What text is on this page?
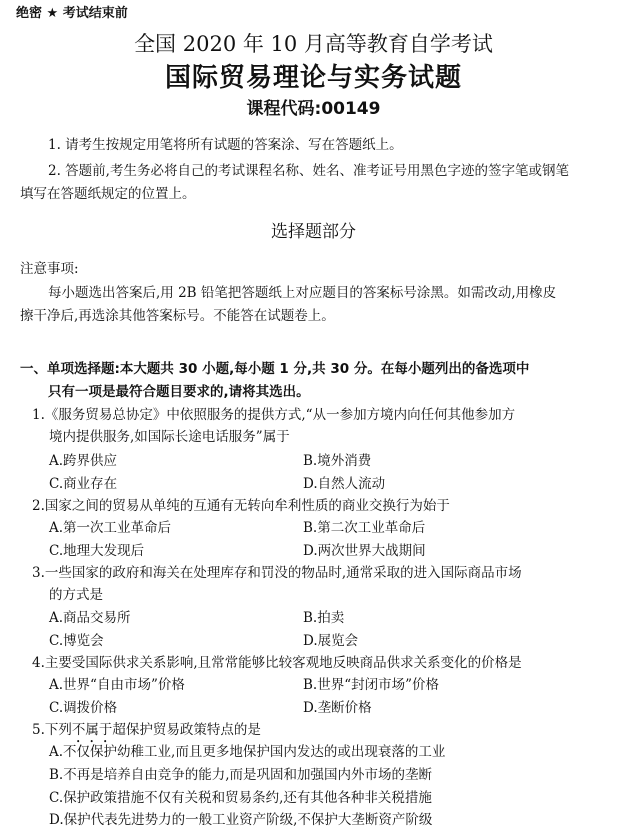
绝密 ★ 考试结束前
全国 2020 年 10 月高等教育自学考试
国际贸易理论与实务试题
课程代码:00149
1. 请考生按规定用笔将所有试题的答案涂、写在答题纸上。
2. 答题前,考生务必将自己的考试课程名称、姓名、准考证号用黑色字迹的签字笔或钢笔
填写在答题纸规定的位置上。
选择题部分
注意事项:
每小题选出答案后,用 2B 铅笔把答题纸上对应题目的答案标号涂黑。如需改动,用橡皮
擦干净后,再选涂其他答案标号。不能答在试题卷上。
一、单项选择题:本大题共 30 小题,每小题 1 分,共 30 分。在每小题列出的备选项中
只有一项是最符合题目要求的,请将其选出。
1.《服务贸易总协定》中依照服务的提供方式,“从一参加方境内向任何其他参加方
境内提供服务,如国际长途电话服务”属于
A.跨界供应	B.境外消费
C.商业存在	D.自然人流动
2.国家之间的贸易从单纯的互通有无转向牟利性质的商业交换行为始于
A.第一次工业革命后	B.第二次工业革命后
C.地理大发现后	D.两次世界大战期间
3.一些国家的政府和海关在处理库存和罚没的物品时,通常采取的进入国际商品市场
的方式是
A.商品交易所	B.拍卖
C.博览会	D.展览会
4.主要受国际供求关系影响,且常常能够比较客观地反映商品供求关系变化的价格是
A.世界“自由市场”价格	B.世界“封闭市场”价格
C.调拨价格	D.垄断价格
5.下列不属于超保护贸易政策特点的是
A.不仅保护幼稚工业,而且更多地保护国内发达的或出现衰落的工业
B.不再是培养自由竞争的能力,而是巩固和加强国内外市场的垄断
C.保护政策措施不仅有关税和贸易条约,还有其他各种非关税措施
D.保护代表先进势力的一般工业资产阶级,不保护大垄断资产阶级
